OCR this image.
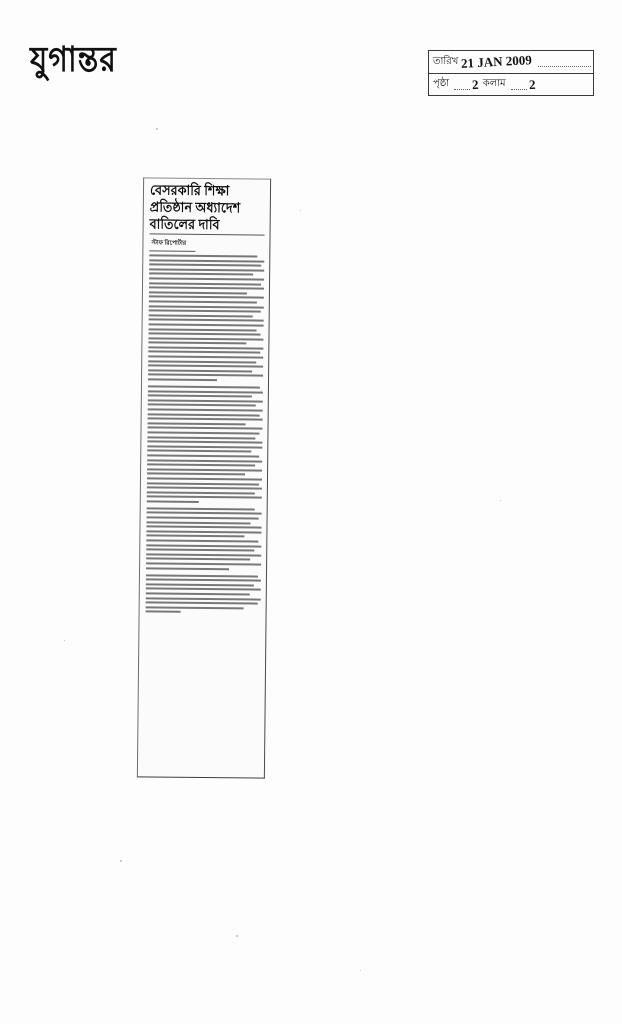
যুগান্তর	তারিখ 21 JAN 2009
পৃষ্ঠা 2 কলাম 2
বেসরকারি শিক্ষা
প্রতিষ্ঠান অধ্যাদেশ
বাতিলের দাবি
স্টাফ রিপোর্টার
